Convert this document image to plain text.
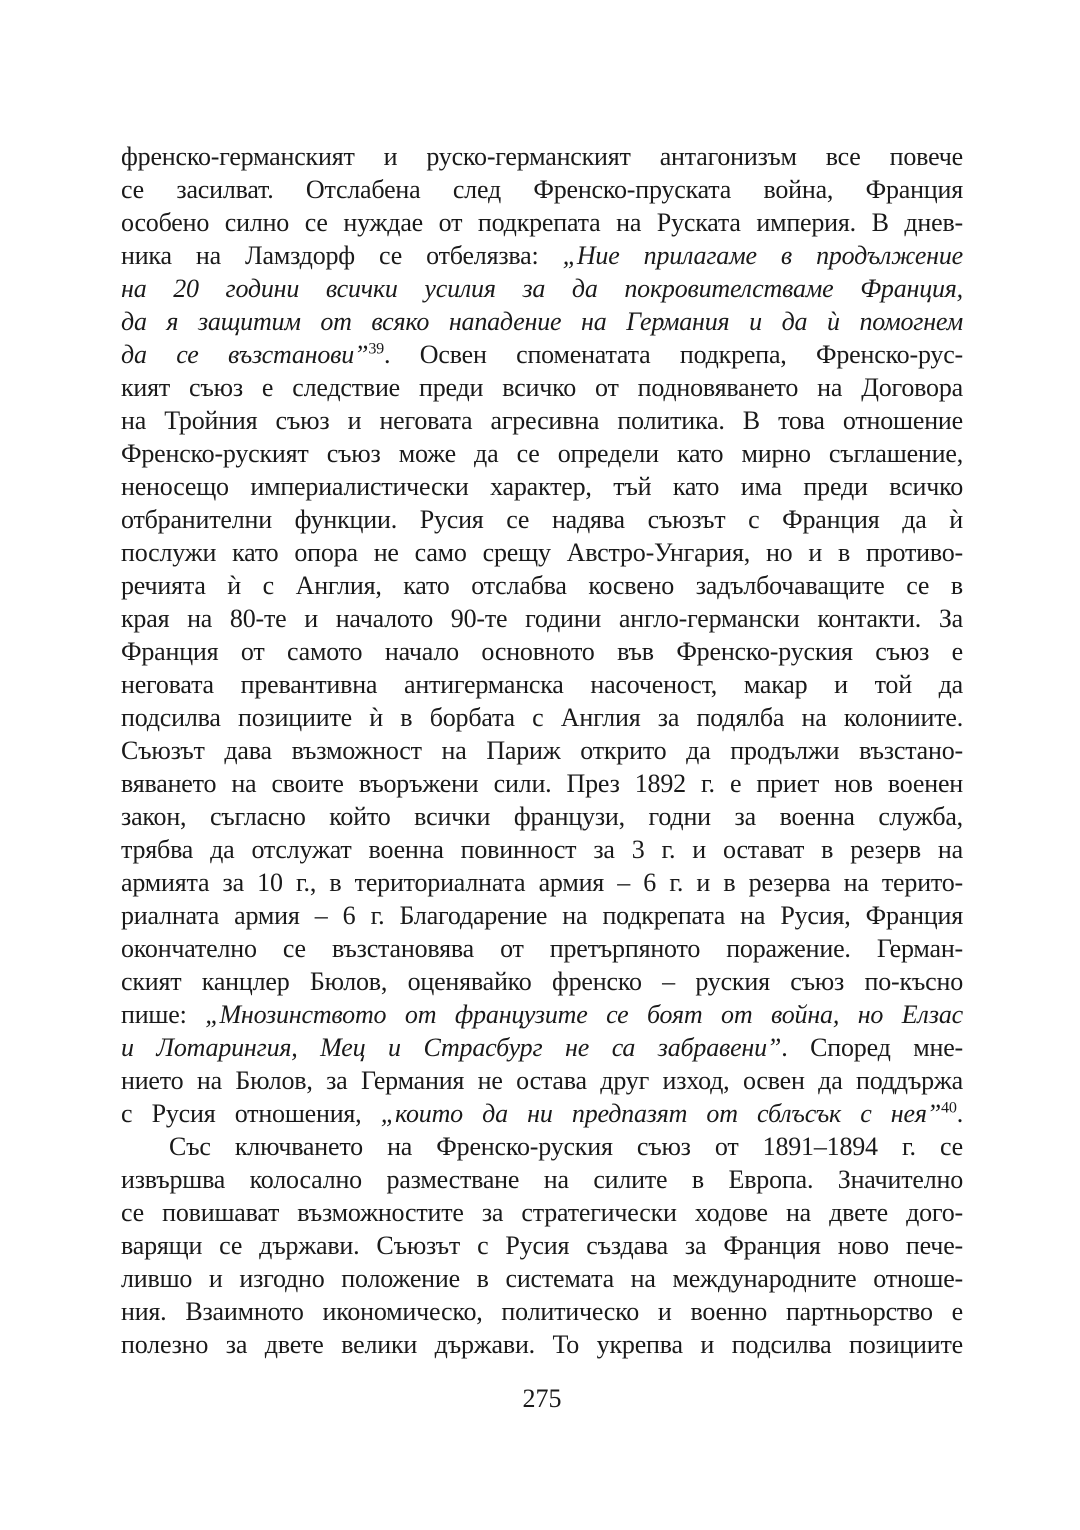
френско-германският и руско-германският антагонизъм все повече
се засилват. Отслабена след Френско-пруската война, Франция
особено силно се нуждае от подкрепата на Руската империя. В днев-
ника на Ламздорф се отбелязва: „Ние прилагаме в продължение
на 20 години всички усилия за да покровителстваме Франция,
да я защитим от всяко нападение на Германия и да ѝ помогнем
да се възстанови”$^{39}$. Освен споменатата подкрепа, Френско-рус-
кият съюз е следствие преди всичко от подновяването на Договора
на Тройния съюз и неговата агресивна политика. В това отношение
Френско-руският съюз може да се определи като мирно съглашение,
неносещо империалистически характер, тъй като има преди всичко
отбранителни функции. Русия се надява съюзът с Франция да ѝ
послужи като опора не само срещу Австро-Унгария, но и в противо-
речията ѝ с Англия, като отслабва косвено задълбочаващите се в
края на 80-те и началото 90-те години англо-германски контакти. За
Франция от самото начало основното във Френско-руския съюз е
неговата превантивна антигерманска насоченост, макар и той да
подсилва позициите ѝ в борбата с Англия за подялба на колониите.
Съюзът дава възможност на Париж открито да продължи възстано-
вяването на своите въоръжени сили. През 1892 г. е приет нов военен
закон, съгласно който всички французи, годни за военна служба,
трябва да отслужат военна повинност за 3 г. и остават в резерв на
армията за 10 г., в териториалната армия – 6 г. и в резерва на терито-
риалната армия – 6 г. Благодарение на подкрепата на Русия, Франция
окончателно се възстановява от претърпяното поражение. Герман-
ският канцлер Бюлов, оценявайко френско – руския съюз по-късно
пише: „Мнозинството от французите се боят от война, но Елзас
и Лотарингия, Мец и Страсбург не са забравени”. Според мне-
нието на Бюлов, за Германия не остава друг изход, освен да поддържа
с Русия отношения, „които да ни предпазят от сблъсък с нея”$^{40}$.
Със ключването на Френско-руския съюз от 1891–1894 г. се
извършва колосално разместване на силите в Европа. Значително
се повишават възможностите за стратегически ходове на двете дого-
варящи се държави. Съюзът с Русия създава за Франция ново пече-
лившо и изгодно положение в системата на международните отноше-
ния. Взаимното икономическо, политическо и военно партньорство е
полезно за двете велики държави. То укрепва и подсилва позициите
275
